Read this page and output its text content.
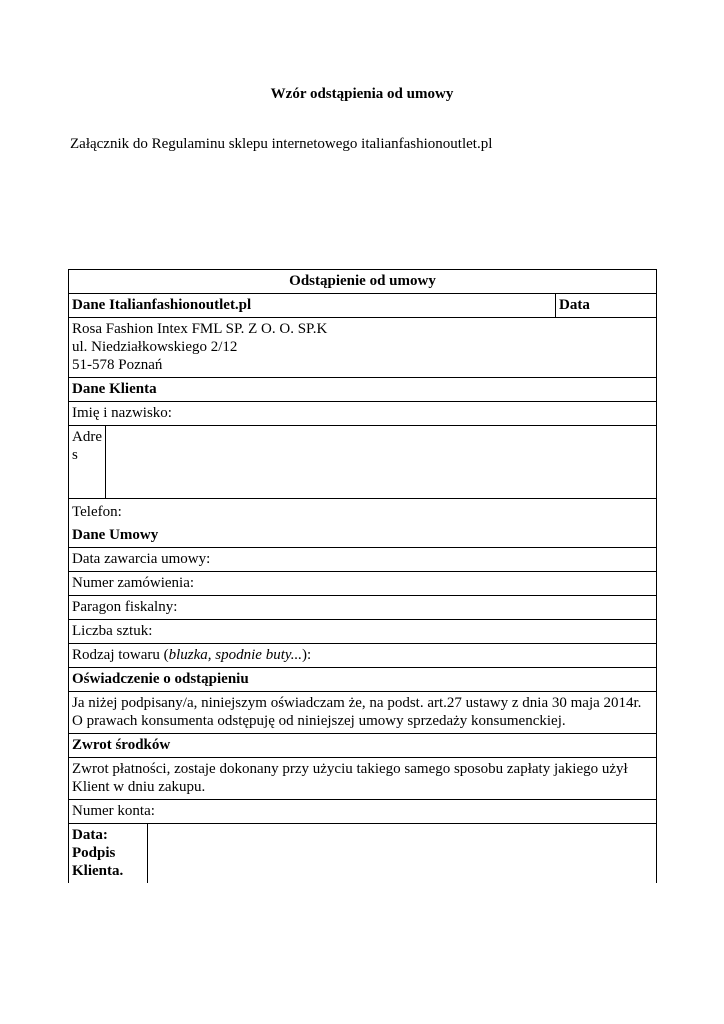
Wzór odstąpienia od umowy

Załącznik do Regulaminu sklepu internetowego italianfashionoutlet.pl

Odstąpienie od umowy			
Dane Italianfashionoutlet.pl			Data
Rosa Fashion Intex FML SP. Z O. O. SP.K
ul. Niedziałkowskiego 2/12
51-578 Poznań			
Dane Klienta			
Imię i nazwisko:			
Adres			

Telefon:
Dane Umowy			

Data zawarcia umowy:			
Numer zamówienia:			
Paragon fiskalny:			
Liczba sztuk:			
Rodzaj towaru (bluzka, spodnie buty...):			
Oświadczenie o odstąpieniu			
Ja niżej podpisany/a, niniejszym oświadczam że, na podst. art.27 ustawy z dnia 30 maja 2014r. O prawach konsumenta odstępuję od niniejszej umowy sprzedaży konsumenckiej.			
Zwrot środków			
Zwrot płatności, zostaje dokonany przy użyciu takiego samego sposobu zapłaty jakiego użył Klient w dniu zakupu.			
Numer konta:			
Data:
Podpis Klienta.			
